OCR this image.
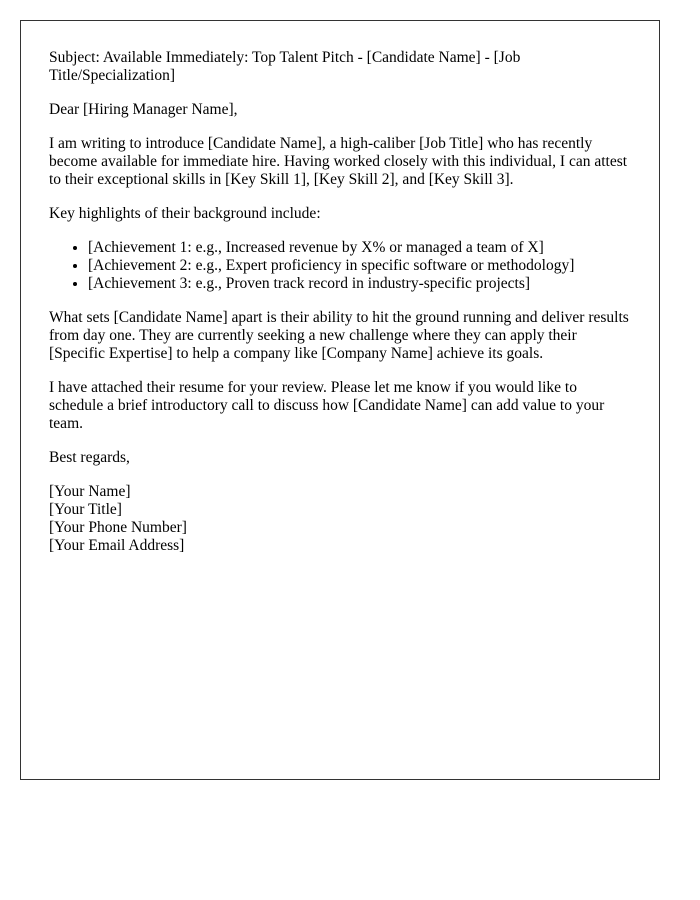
Subject: Available Immediately: Top Talent Pitch - [Candidate Name] - [Job Title/Specialization]

Dear [Hiring Manager Name],

I am writing to introduce [Candidate Name], a high-caliber [Job Title] who has recently become available for immediate hire. Having worked closely with this individual, I can attest to their exceptional skills in [Key Skill 1], [Key Skill 2], and [Key Skill 3].

Key highlights of their background include:

• [Achievement 1: e.g., Increased revenue by X% or managed a team of X]
• [Achievement 2: e.g., Expert proficiency in specific software or methodology]
• [Achievement 3: e.g., Proven track record in industry-specific projects]

What sets [Candidate Name] apart is their ability to hit the ground running and deliver results from day one. They are currently seeking a new challenge where they can apply their [Specific Expertise] to help a company like [Company Name] achieve its goals.

I have attached their resume for your review. Please let me know if you would like to schedule a brief introductory call to discuss how [Candidate Name] can add value to your team.

Best regards,

[Your Name]
[Your Title]
[Your Phone Number]
[Your Email Address]
